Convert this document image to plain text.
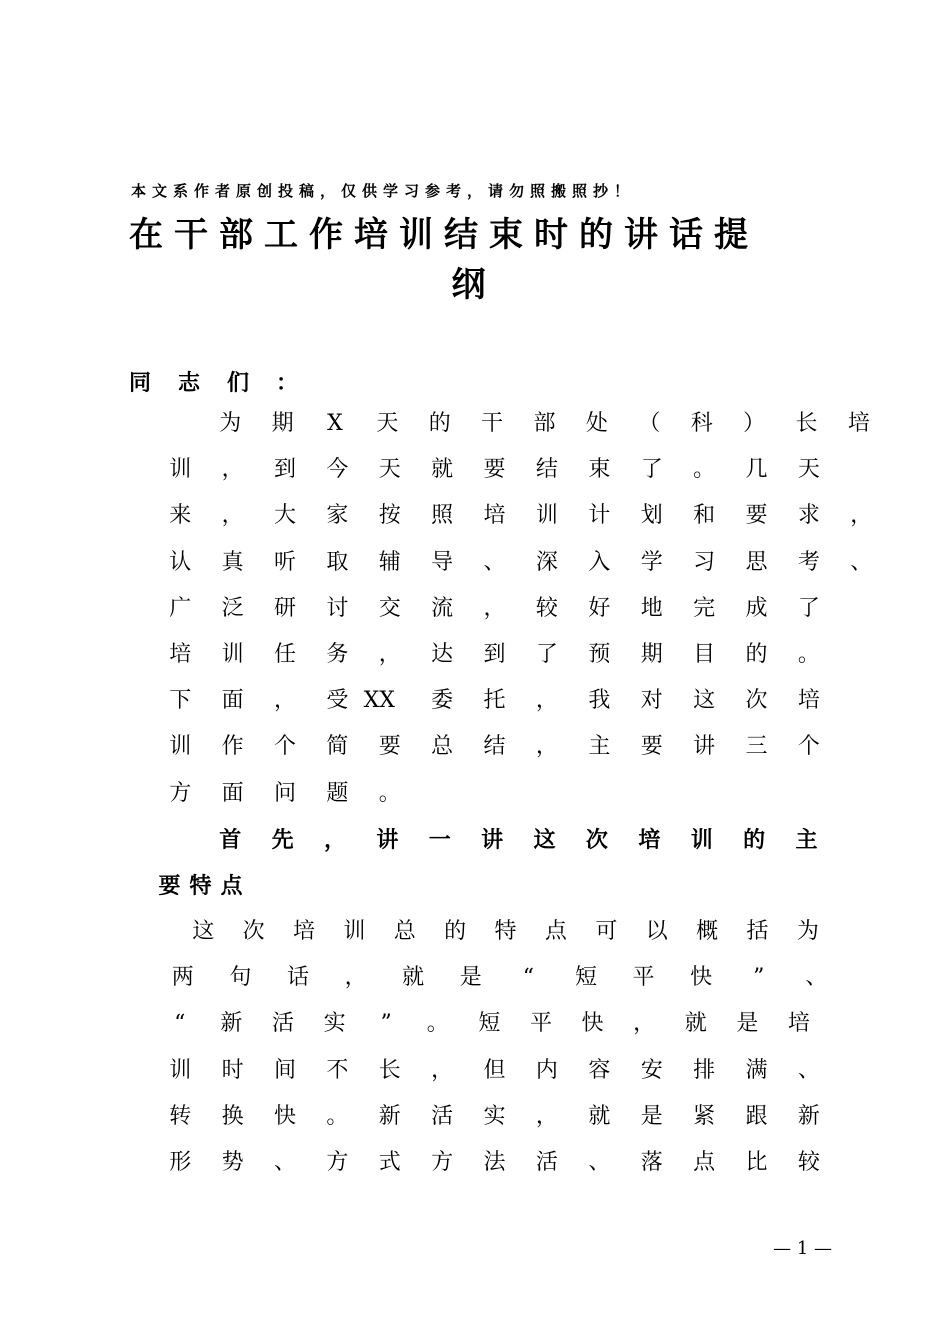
本文系作者原创投稿，仅供学习参考，请勿照搬照抄！
在干部工作培训结束时的讲话提
纲
同志们：
为 期 X 天 的 干 部 处 （ 科 ） 长 培
训 ， 到 今 天 就 要 结 束 了 。 几 天
来 ， 大 家 按 照 培 训 计 划 和 要 求 ，
认 真 听 取 辅 导 、 深 入 学 习 思 考 、
广 泛 研 讨 交 流 ， 较 好 地 完 成 了
培 训 任 务 ， 达 到 了 预 期 目 的 。
下 面 ， 受 XX 委 托 ， 我 对 这 次 培
训 作 个 简 要 总 结 ， 主 要 讲 三 个
方 面 问 题 。
首 先 ， 讲 一 讲 这 次 培 训 的 主
要 特 点
这 次 培 训 总 的 特 点 可 以 概 括 为
两 句 话 ， 就 是 “ 短 平 快 ” 、
“ 新 活 实 ” 。 短 平 快 ， 就 是 培
训 时 间 不 长 ， 但 内 容 安 排 满 、
转 换 快 。 新 活 实 ， 就 是 紧 跟 新
形 势 、 方 式 方 法 活 、 落 点 比 较
— 1 —
